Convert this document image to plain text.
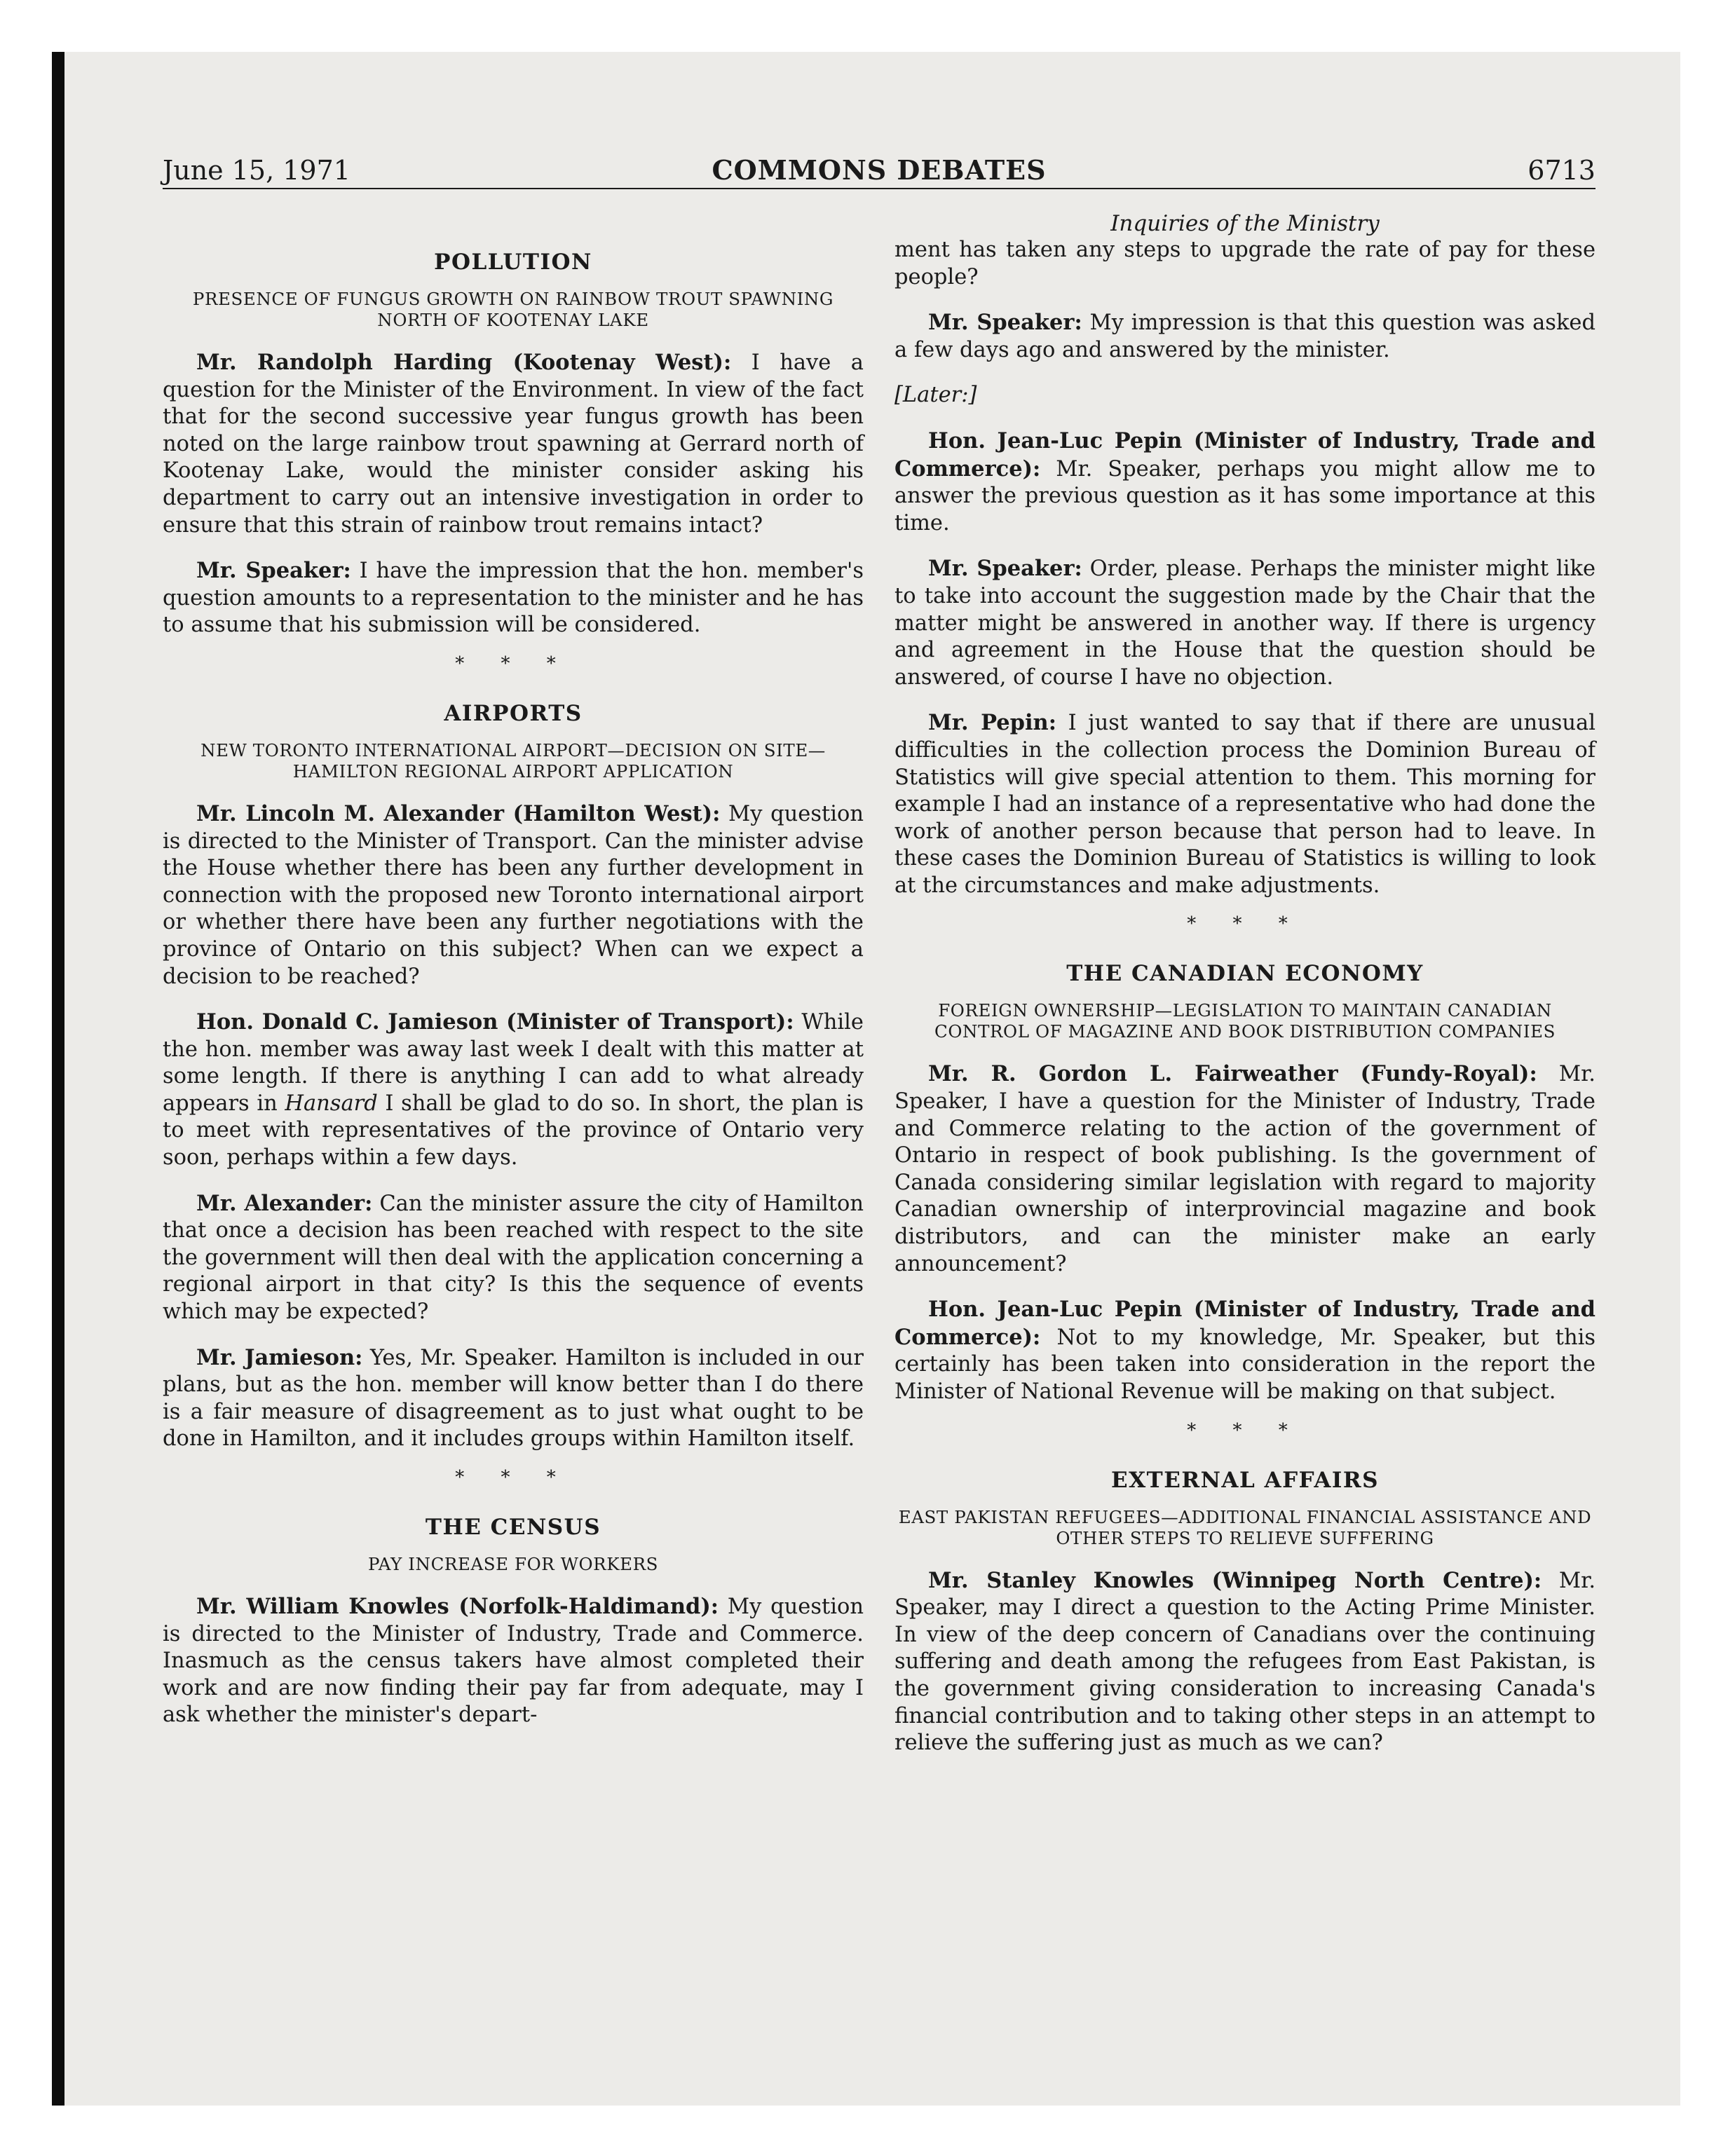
June 15, 1971	COMMONS DEBATES	6713
POLLUTION
PRESENCE OF FUNGUS GROWTH ON RAINBOW TROUT SPAWNING NORTH OF KOOTENAY LAKE

Mr. Randolph Harding (Kootenay West): I have a question for the Minister of the Environment. In view of the fact that for the second successive year fungus growth has been noted on the large rainbow trout spawning at Gerrard north of Kootenay Lake, would the minister consider asking his department to carry out an intensive investigation in order to ensure that this strain of rainbow trout remains intact?

Mr. Speaker: I have the impression that the hon. member's question amounts to a representation to the minister and he has to assume that his submission will be considered.

* * *
AIRPORTS
NEW TORONTO INTERNATIONAL AIRPORT—DECISION ON SITE—HAMILTON REGIONAL AIRPORT APPLICATION

Mr. Lincoln M. Alexander (Hamilton West): My question is directed to the Minister of Transport. Can the minister advise the House whether there has been any further development in connection with the proposed new Toronto international airport or whether there have been any further negotiations with the province of Ontario on this subject? When can we expect a decision to be reached?

Hon. Donald C. Jamieson (Minister of Transport): While the hon. member was away last week I dealt with this matter at some length. If there is anything I can add to what already appears in Hansard I shall be glad to do so. In short, the plan is to meet with representatives of the province of Ontario very soon, perhaps within a few days.

Mr. Alexander: Can the minister assure the city of Hamilton that once a decision has been reached with respect to the site the government will then deal with the application concerning a regional airport in that city? Is this the sequence of events which may be expected?

Mr. Jamieson: Yes, Mr. Speaker. Hamilton is included in our plans, but as the hon. member will know better than I do there is a fair measure of disagreement as to just what ought to be done in Hamilton, and it includes groups within Hamilton itself.

* * *
THE CENSUS
PAY INCREASE FOR WORKERS

Mr. William Knowles (Norfolk-Haldimand): My question is directed to the Minister of Industry, Trade and Commerce. Inasmuch as the census takers have almost completed their work and are now finding their pay far from adequate, may I ask whether the minister's depart-

Inquiries of the Ministry

ment has taken any steps to upgrade the rate of pay for these people?

Mr. Speaker: My impression is that this question was asked a few days ago and answered by the minister.

[Later:]

Hon. Jean-Luc Pepin (Minister of Industry, Trade and Commerce): Mr. Speaker, perhaps you might allow me to answer the previous question as it has some importance at this time.

Mr. Speaker: Order, please. Perhaps the minister might like to take into account the suggestion made by the Chair that the matter might be answered in another way. If there is urgency and agreement in the House that the question should be answered, of course I have no objection.

Mr. Pepin: I just wanted to say that if there are unusual difficulties in the collection process the Dominion Bureau of Statistics will give special attention to them. This morning for example I had an instance of a representative who had done the work of another person because that person had to leave. In these cases the Dominion Bureau of Statistics is willing to look at the circumstances and make adjustments.

* * *
THE CANADIAN ECONOMY
FOREIGN OWNERSHIP—LEGISLATION TO MAINTAIN CANADIAN CONTROL OF MAGAZINE AND BOOK DISTRIBUTION COMPANIES

Mr. R. Gordon L. Fairweather (Fundy-Royal): Mr. Speaker, I have a question for the Minister of Industry, Trade and Commerce relating to the action of the government of Ontario in respect of book publishing. Is the government of Canada considering similar legislation with regard to majority Canadian ownership of interprovincial magazine and book distributors, and can the minister make an early announcement?

Hon. Jean-Luc Pepin (Minister of Industry, Trade and Commerce): Not to my knowledge, Mr. Speaker, but this certainly has been taken into consideration in the report the Minister of National Revenue will be making on that subject.

* * *
EXTERNAL AFFAIRS
EAST PAKISTAN REFUGEES—ADDITIONAL FINANCIAL ASSISTANCE AND OTHER STEPS TO RELIEVE SUFFERING

Mr. Stanley Knowles (Winnipeg North Centre): Mr. Speaker, may I direct a question to the Acting Prime Minister. In view of the deep concern of Canadians over the continuing suffering and death among the refugees from East Pakistan, is the government giving consideration to increasing Canada's financial contribution and to taking other steps in an attempt to relieve the suffering just as much as we can?
